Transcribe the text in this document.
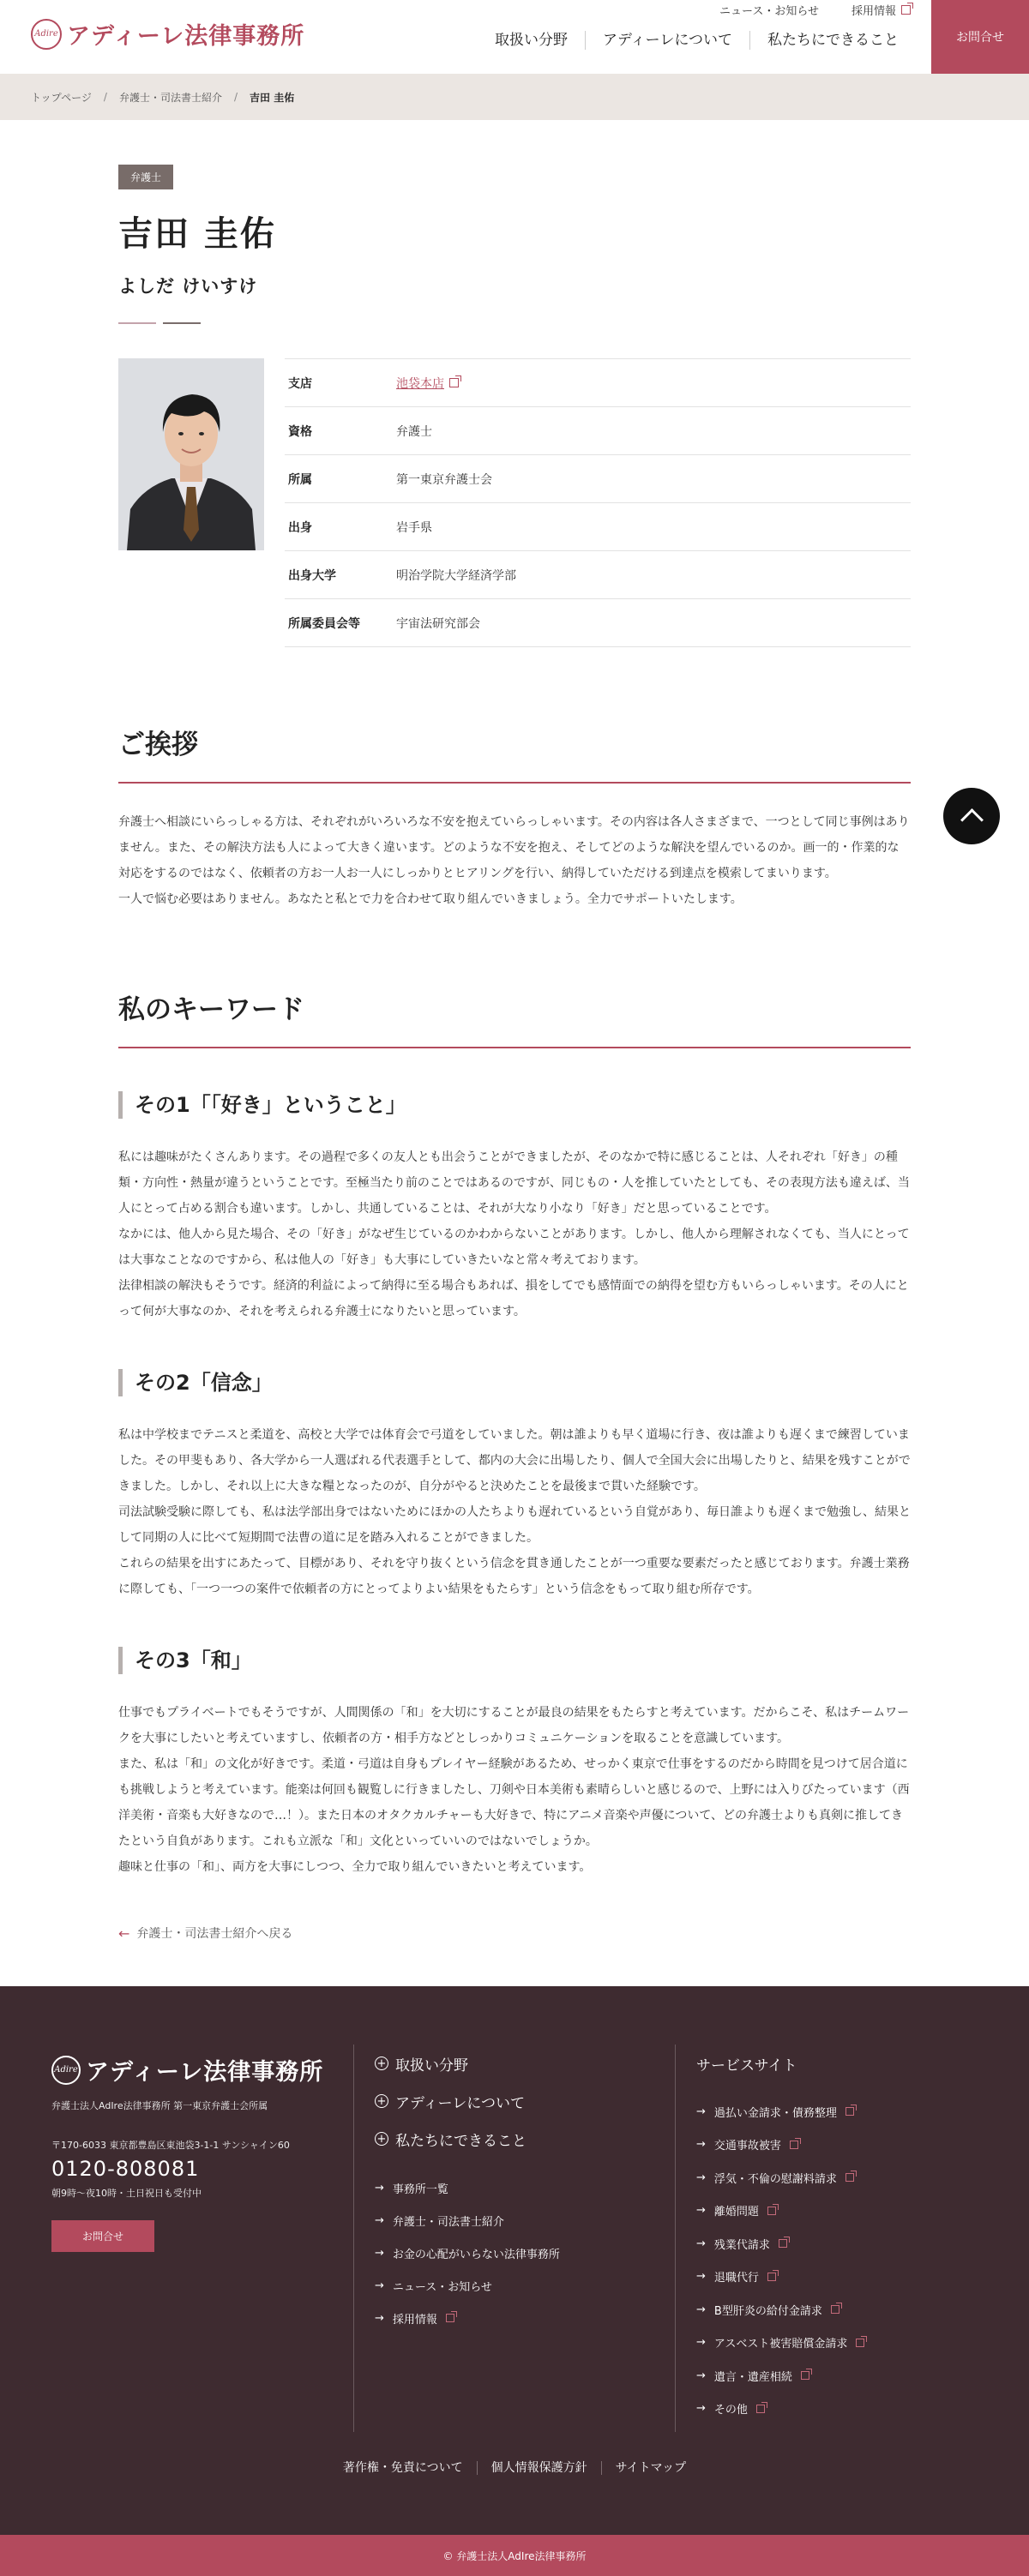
Adire アディーレ法律事務所
ニュース・お知らせ	採用情報
取扱い分野	アディーレについて	私たちにできること	お問合せ
トップページ / 弁護士・司法書士紹介 / 吉田 圭佑
弁護士
吉田 圭佑
よしだ けいすけ
支店	池袋本店
資格	弁護士
所属	第一東京弁護士会
出身	岩手県
出身大学	明治学院大学経済学部
所属委員会等	宇宙法研究部会
ご挨拶

弁護士へ相談にいらっしゃる方は、それぞれがいろいろな不安を抱えていらっしゃいます。その内容は各人さまざまで、一つとして同じ事例はありません。また、その解決方法も人によって大きく違います。どのような不安を抱え、そしてどのような解決を望んでいるのか。画一的・作業的な対応をするのではなく、依頼者の方お一人お一人にしっかりとヒアリングを行い、納得していただける到達点を模索してまいります。

一人で悩む必要はありません。あなたと私とで力を合わせて取り組んでいきましょう。全力でサポートいたします。

私のキーワード
その1「「好き」ということ」

私には趣味がたくさんあります。その過程で多くの友人とも出会うことができましたが、そのなかで特に感じることは、人それぞれ「好き」の種類・方向性・熱量が違うということです。至極当たり前のことではあるのですが、同じもの・人を推していたとしても、その表現方法も違えば、当人にとって占める割合も違います。しかし、共通していることは、それが大なり小なり「好き」だと思っていることです。

なかには、他人から見た場合、その「好き」がなぜ生じているのかわからないことがあります。しかし、他人から理解されなくても、当人にとっては大事なことなのですから、私は他人の「好き」も大事にしていきたいなと常々考えております。

法律相談の解決もそうです。経済的利益によって納得に至る場合もあれば、損をしてでも感情面での納得を望む方もいらっしゃいます。その人にとって何が大事なのか、それを考えられる弁護士になりたいと思っています。

その2「信念」

私は中学校までテニスと柔道を、高校と大学では体育会で弓道をしていました。朝は誰よりも早く道場に行き、夜は誰よりも遅くまで練習していました。その甲斐もあり、各大学から一人選ばれる代表選手として、都内の大会に出場したり、個人で全国大会に出場したりと、結果を残すことができました。しかし、それ以上に大きな糧となったのが、自分がやると決めたことを最後まで貫いた経験です。

司法試験受験に際しても、私は法学部出身ではないためにほかの人たちよりも遅れているという自覚があり、毎日誰よりも遅くまで勉強し、結果として同期の人に比べて短期間で法曹の道に足を踏み入れることができました。

これらの結果を出すにあたって、目標があり、それを守り抜くという信念を貫き通したことが一つ重要な要素だったと感じております。弁護士業務に際しても、「一つ一つの案件で依頼者の方にとってよりよい結果をもたらす」という信念をもって取り組む所存です。

その3「和」

仕事でもプライベートでもそうですが、人間関係の「和」を大切にすることが最良の結果をもたらすと考えています。だからこそ、私はチームワークを大事にしたいと考えていますし、依頼者の方・相手方などとしっかりコミュニケーションを取ることを意識しています。

また、私は「和」の文化が好きです。柔道・弓道は自身もプレイヤー経験があるため、せっかく東京で仕事をするのだから時間を見つけて居合道にも挑戦しようと考えています。能楽は何回も観覧しに行きましたし、刀剣や日本美術も素晴らしいと感じるので、上野には入りびたっています（西洋美術・音楽も大好きなので…！）。また日本のオタクカルチャーも大好きで、特にアニメ音楽や声優について、どの弁護士よりも真剣に推してきたという自負があります。これも立派な「和」文化といっていいのではないでしょうか。

趣味と仕事の「和」、両方を大事にしつつ、全力で取り組んでいきたいと考えています。

← 弁護士・司法書士紹介へ戻る
Adire アディーレ法律事務所
弁護士法人AdIre法律事務所 第一東京弁護士会所属
〒170-6033 東京都豊島区東池袋3-1-1 サンシャイン60
0120-808081
朝9時〜夜10時・土日祝日も受付中
お問合せ
+ 取扱い分野
+ アディーレについて
+ 私たちにできること
→ 事務所一覧
→ 弁護士・司法書士紹介
→ お金の心配がいらない法律事務所
→ ニュース・お知らせ
→ 採用情報
サービスサイト
→ 過払い金請求・債務整理
→ 交通事故被害
→ 浮気・不倫の慰謝料請求
→ 離婚問題
→ 残業代請求
→ 退職代行
→ B型肝炎の給付金請求
→ アスベスト被害賠償金請求
→ 遺言・遺産相続
→ その他
著作権・免責について	個人情報保護方針	サイトマップ
© 弁護士法人AdIre法律事務所
